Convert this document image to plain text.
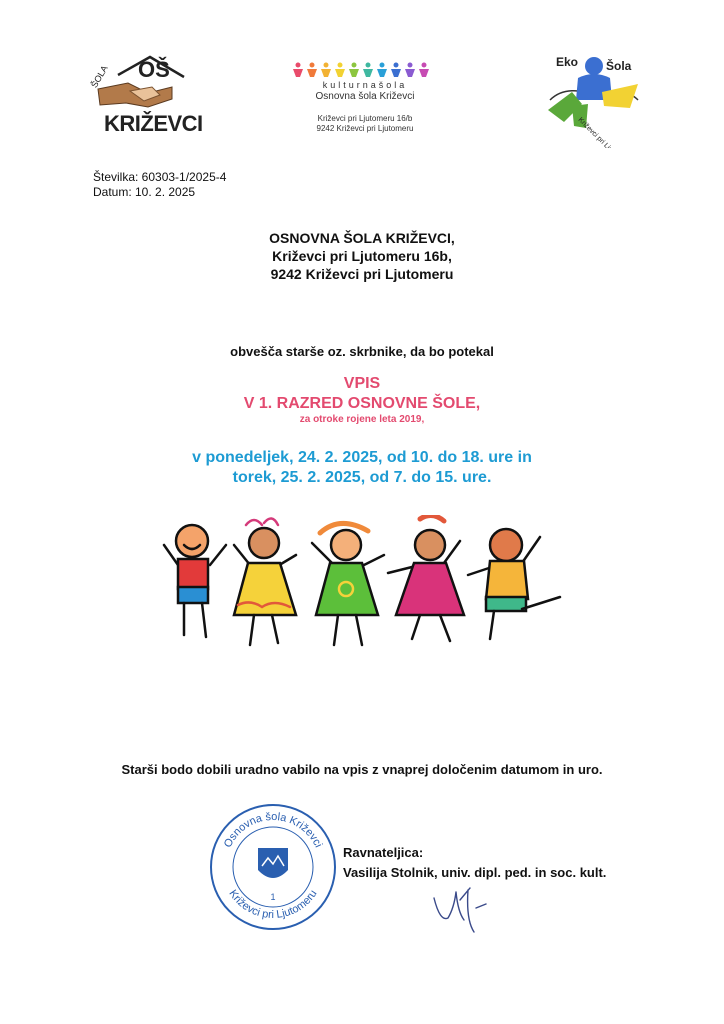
ŠOLA OŠ
KRIŽEVCI
kulturnašola
Osnovna šola Križevci
Križevci pri Ljutomeru 16/b
9242 Križevci pri Ljutomeru
Eko Šola
Križevci pri Ljutomeru
Številka: 60303-1/2025-4
Datum: 10. 2. 2025
OSNOVNA ŠOLA KRIŽEVCI,
Križevci pri Ljutomeru 16b,
9242 Križevci pri Ljutomeru
obvešča starše oz. skrbnike, da bo potekal
VPIS
V 1. RAZRED OSNOVNE ŠOLE,
za otroke rojene leta 2019,
v ponedeljek, 24. 2. 2025, od 10. do 18. ure in
torek, 25. 2. 2025, od 7. do 15. ure.
Starši bodo dobili uradno vabilo na vpis z vnaprej določenim datumom in uro.
Osnovna šola Križevci
Križevci pri Ljutomeru
1
Ravnateljica:
Vasilija Stolnik, univ. dipl. ped. in soc. kult.
